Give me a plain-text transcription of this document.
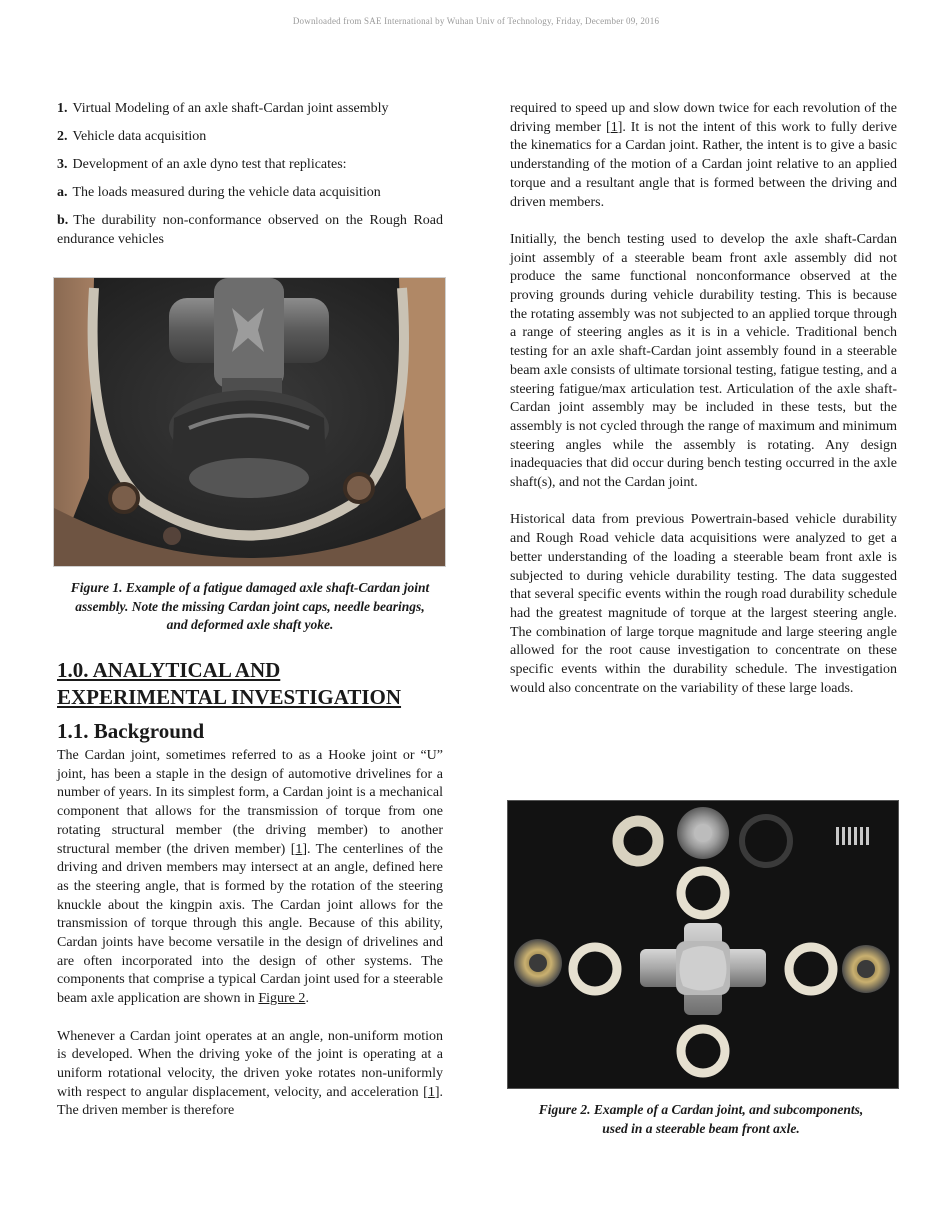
Downloaded from SAE International by Wuhan Univ of Technology, Friday, December 09, 2016
1. Virtual Modeling of an axle shaft-Cardan joint assembly
2. Vehicle data acquisition
3. Development of an axle dyno test that replicates:
a. The loads measured during the vehicle data acquisition
b. The durability non-conformance observed on the Rough Road endurance vehicles
Figure 1. Example of a fatigue damaged axle shaft-Cardan joint assembly. Note the missing Cardan joint caps, needle bearings, and deformed axle shaft yoke.
1.0. ANALYTICAL AND EXPERIMENTAL INVESTIGATION
1.1. Background

The Cardan joint, sometimes referred to as a Hooke joint or “U” joint, has been a staple in the design of automotive drivelines for a number of years. In its simplest form, a Cardan joint is a mechanical component that allows for the transmission of torque from one rotating structural member (the driving member) to another structural member (the driven member) [1]. The centerlines of the driving and driven members may intersect at an angle, defined here as the steering angle, that is formed by the rotation of the steering knuckle about the kingpin axis. The Cardan joint allows for the transmission of torque through this angle. Because of this ability, Cardan joints have become versatile in the design of drivelines and are often incorporated into the design of other systems. The components that comprise a typical Cardan joint used for a steerable beam axle application are shown in Figure 2.

Whenever a Cardan joint operates at an angle, non-uniform motion is developed. When the driving yoke of the joint is operating at a uniform rotational velocity, the driven yoke rotates non-uniformly with respect to angular displacement, velocity, and acceleration [1]. The driven member is therefore

required to speed up and slow down twice for each revolution of the driving member [1]. It is not the intent of this work to fully derive the kinematics for a Cardan joint. Rather, the intent is to give a basic understanding of the motion of a Cardan joint relative to an applied torque and a resultant angle that is formed between the driving and driven members.

Initially, the bench testing used to develop the axle shaft-Cardan joint assembly of a steerable beam front axle assembly did not produce the same functional nonconformance observed at the proving grounds during vehicle durability testing. This is because the rotating assembly was not subjected to an applied torque through a range of steering angles as it is in a vehicle. Traditional bench testing for an axle shaft-Cardan joint assembly found in a steerable beam axle consists of ultimate torsional testing, fatigue testing, and a steering fatigue/max articulation test. Articulation of the axle shaft-Cardan joint assembly may be included in these tests, but the assembly is not cycled through the range of maximum and minimum steering angles while the assembly is rotating. Any design inadequacies that did occur during bench testing occurred in the axle shaft(s), and not the Cardan joint.

Historical data from previous Powertrain-based vehicle durability and Rough Road vehicle data acquisitions were analyzed to get a better understanding of the loading a steerable beam front axle is subjected to during vehicle durability testing. The data suggested that several specific events within the rough road durability schedule had the greatest magnitude of torque at the largest steering angle. The combination of large torque magnitude and large steering angle allowed for the root cause investigation to concentrate on these specific events within the durability schedule. The investigation would also concentrate on the variability of these large loads.

Figure 2. Example of a Cardan joint, and subcomponents, used in a steerable beam front axle.
